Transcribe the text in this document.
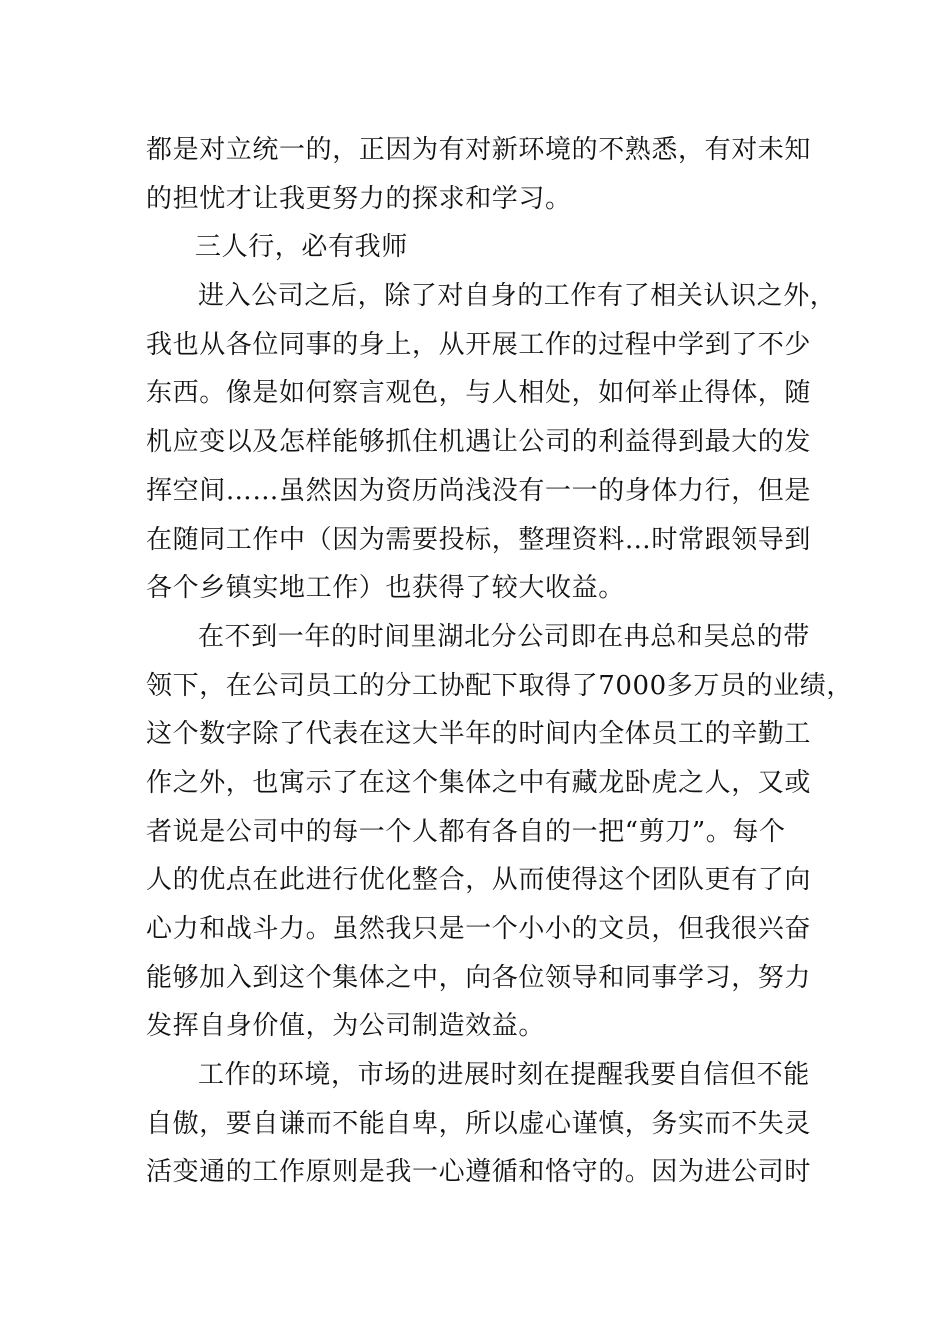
都是对立统一的，正因为有对新环境的不熟悉，有对未知
的担忧才让我更努力的探求和学习。
三人行，必有我师
进入公司之后，除了对自身的工作有了相关认识之外，
我也从各位同事的身上，从开展工作的过程中学到了不少
东西。像是如何察言观色，与人相处，如何举止得体，随
机应变以及怎样能够抓住机遇让公司的利益得到最大的发
挥空间……虽然因为资历尚浅没有一一的身体力行，但是
在随同工作中（因为需要投标，整理资料…时常跟领导到
各个乡镇实地工作）也获得了较大收益。
在不到一年的时间里湖北分公司即在冉总和吴总的带
领下，在公司员工的分工协配下取得了7000多万员的业绩，
这个数字除了代表在这大半年的时间内全体员工的辛勤工
作之外，也寓示了在这个集体之中有藏龙卧虎之人，又或
者说是公司中的每一个人都有各自的一把“剪刀”。每个
人的优点在此进行优化整合，从而使得这个团队更有了向
心力和战斗力。虽然我只是一个小小的文员，但我很兴奋
能够加入到这个集体之中，向各位领导和同事学习，努力
发挥自身价值，为公司制造效益。
工作的环境，市场的进展时刻在提醒我要自信但不能
自傲，要自谦而不能自卑，所以虚心谨慎，务实而不失灵
活变通的工作原则是我一心遵循和恪守的。因为进公司时
